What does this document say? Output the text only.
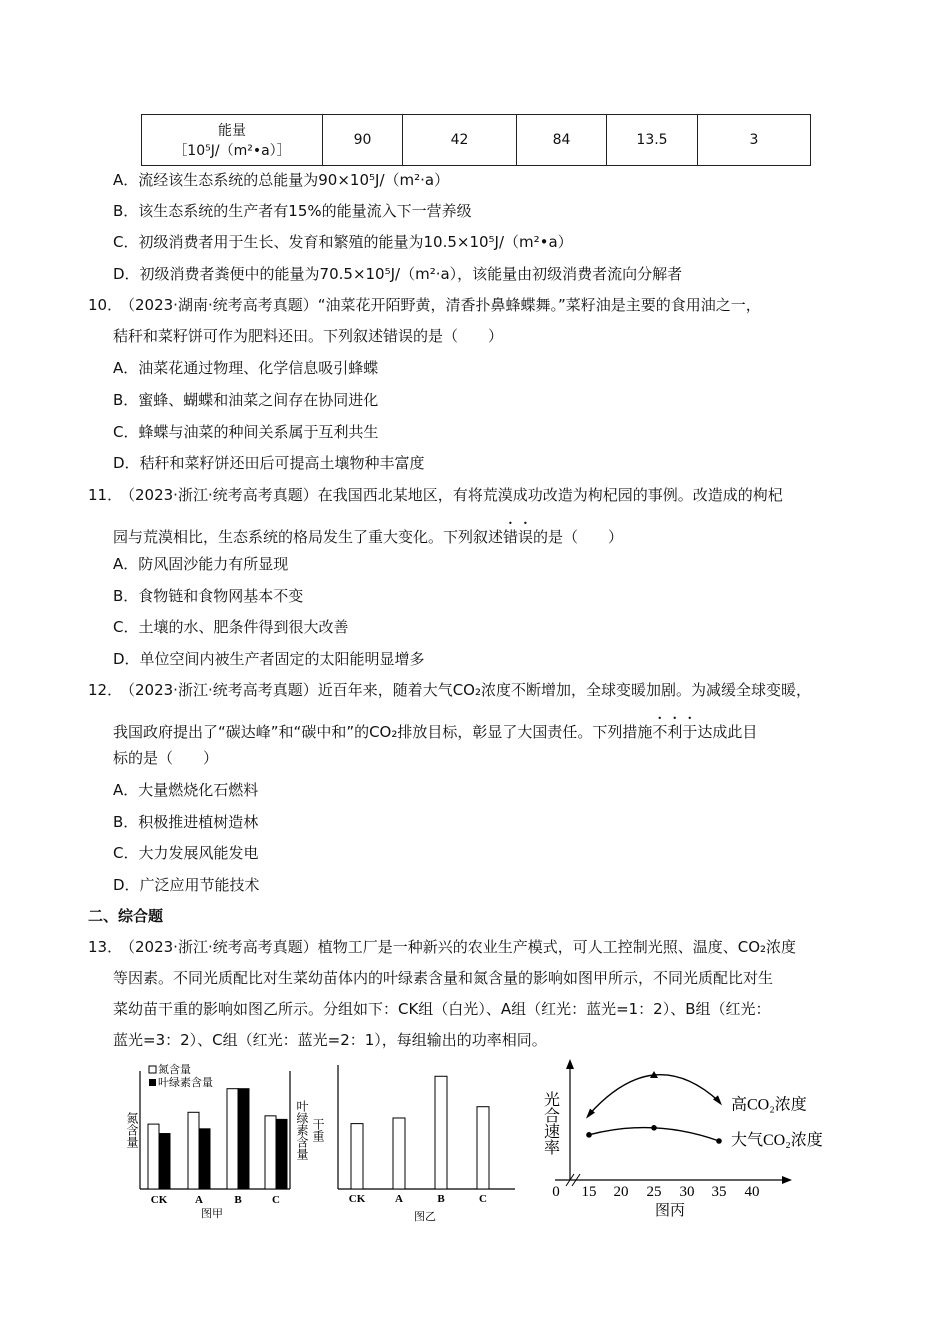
能量
［10⁵J/（m²•a）］
	90	42	84	13.5	3
A．流经该生态系统的总能量为90×10⁵J/（m²·a）
B．该生态系统的生产者有15%的能量流入下一营养级
C．初级消费者用于生长、发育和繁殖的能量为10.5×10⁵J/（m²•a）
D．初级消费者粪便中的能量为70.5×10⁵J/（m²·a），该能量由初级消费者流向分解者
10．
（2023·湖南·统考高考真题）“油菜花开陌野黄，清香扑鼻蜂蝶舞。”菜籽油是主要的食用油之一，
秸秆和菜籽饼可作为肥料还田。下列叙述错误的是（　　）
A．油菜花通过物理、化学信息吸引蜂蝶
B．蜜蜂、蝴蝶和油菜之间存在协同进化
C．蜂蝶与油菜的种间关系属于互利共生
D．秸秆和菜籽饼还田后可提高土壤物种丰富度
11．
（2023·浙江·统考高考真题）在我国西北某地区，有将荒漠成功改造为枸杞园的事例。改造成的枸杞
园与荒漠相比，生态系统的格局发生了重大变化。下列叙述错误的是（　　）
A．防风固沙能力有所显现
B．食物链和食物网基本不变
C．土壤的水、肥条件得到很大改善
D．单位空间内被生产者固定的太阳能明显增多
12．
（2023·浙江·统考高考真题）近百年来，随着大气CO₂浓度不断增加，全球变暖加剧。为减缓全球变暖，
我国政府提出了“碳达峰”和“碳中和”的CO₂排放目标，彰显了大国责任。下列措施不利于达成此目
标的是（　　）
A．大量燃烧化石燃料
B．积极推进植树造林
C．大力发展风能发电
D．广泛应用节能技术
二、综合题
13．
（2023·浙江·统考高考真题）植物工厂是一种新兴的农业生产模式，可人工控制光照、温度、CO₂浓度
等因素。不同光质配比对生菜幼苗体内的叶绿素含量和氮含量的影响如图甲所示，不同光质配比对生
菜幼苗干重的影响如图乙所示。分组如下：CK组（白光）、A组（红光：蓝光=1：2）、B组（红光：
蓝光=3：2）、C组（红光：蓝光=2：1），每组输出的功率相同。
氮含量
叶绿素含量
氮含量	叶绿素含量
图甲
CK	A	B	C
干重
图乙
CK	A	B	C
光合速率
图丙
0 15 20 25 30 35 40
高CO₂浓度
大气CO₂浓度
